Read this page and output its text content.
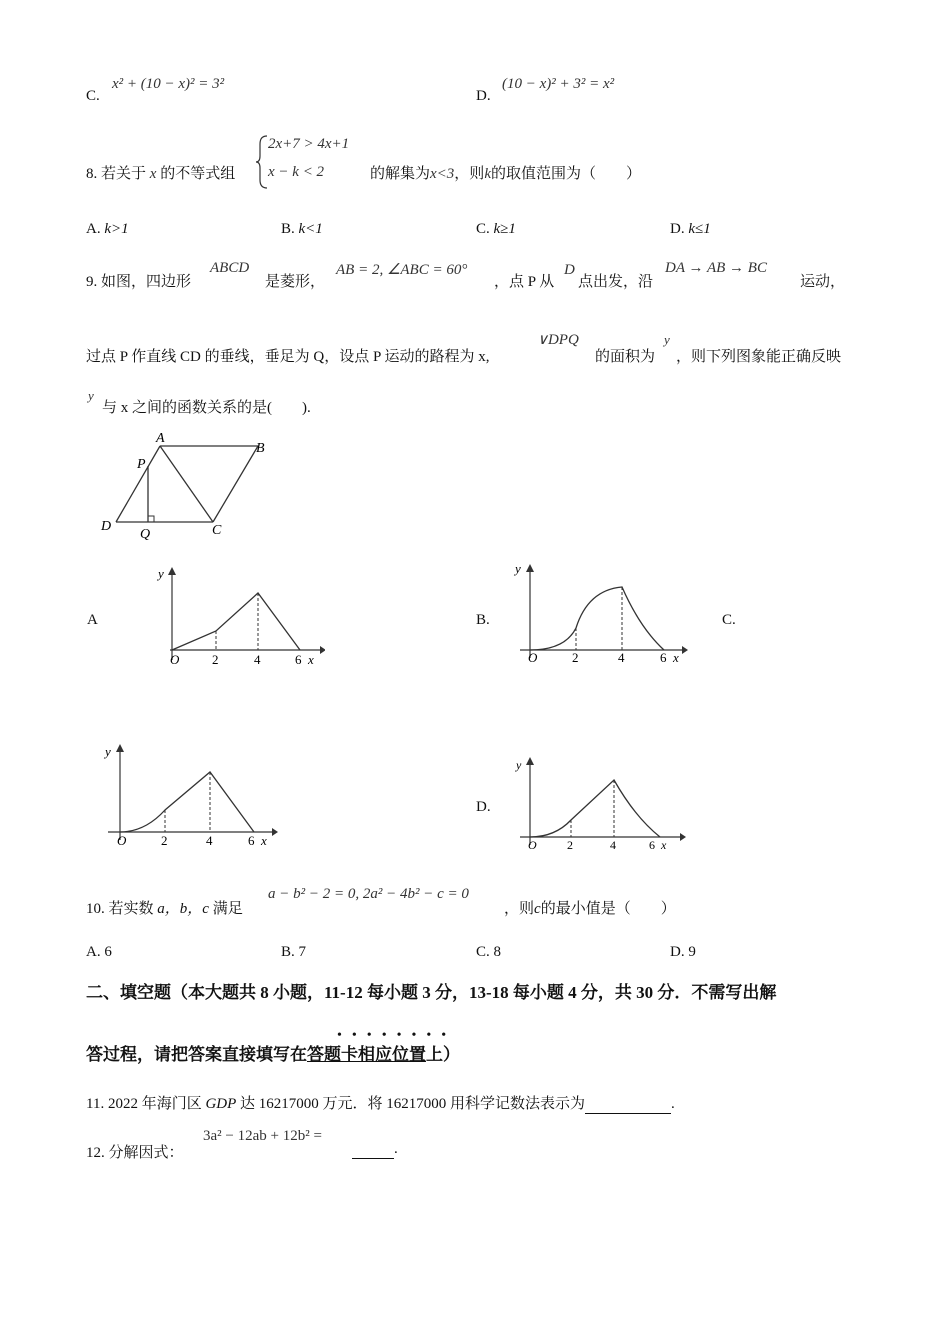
C.
x² + (10 − x)² = 3²
D.
(10 − x)² + 3² = x²
8. 若关于 x 的不等式组
2x+7 > 4x+1
x − k < 2	的解集为x<3，则k的取值范围为（　　）
A. k>1	B. k<1	C. k≥1	D. k≤1
9. 如图，四边形
ABCD
是菱形，
AB = 2, ∠ABC = 60°
，点 P 从
D
点出发，沿
DA → AB → BC
运动，
过点 P 作直线 CD 的垂线，垂足为 Q，设点 P 运动的路程为 x,
∨DPQ
的面积为
y
，则下列图象能正确反映
y
与 x 之间的函数关系的是(　　).
A
B
C
D
P
Q
A	B.	C.
D.
y
O	2	4	6 x
y
O	2	4	6 x
y
O	2	4	6 x
y
O	2	4	6 x
10. 若实数 a，b，c 满足
a − b² − 2 = 0, 2a² − 4b² − c = 0
，则c的最小值是（　　）
A. 6	B. 7	C. 8	D. 9
二、填空题（本大题共 8 小题，11-12 每小题 3 分，13-18 每小题 4 分，共 30 分．不需写出解
••••••••
答过程，请把答案直接填写在答题卡相应位置上）
11. 2022 年海门区 GDP 达 16217000 万元．将 16217000 用科学记数法表示为	.
12. 分解因式：
3a² − 12ab + 12b² =
.
